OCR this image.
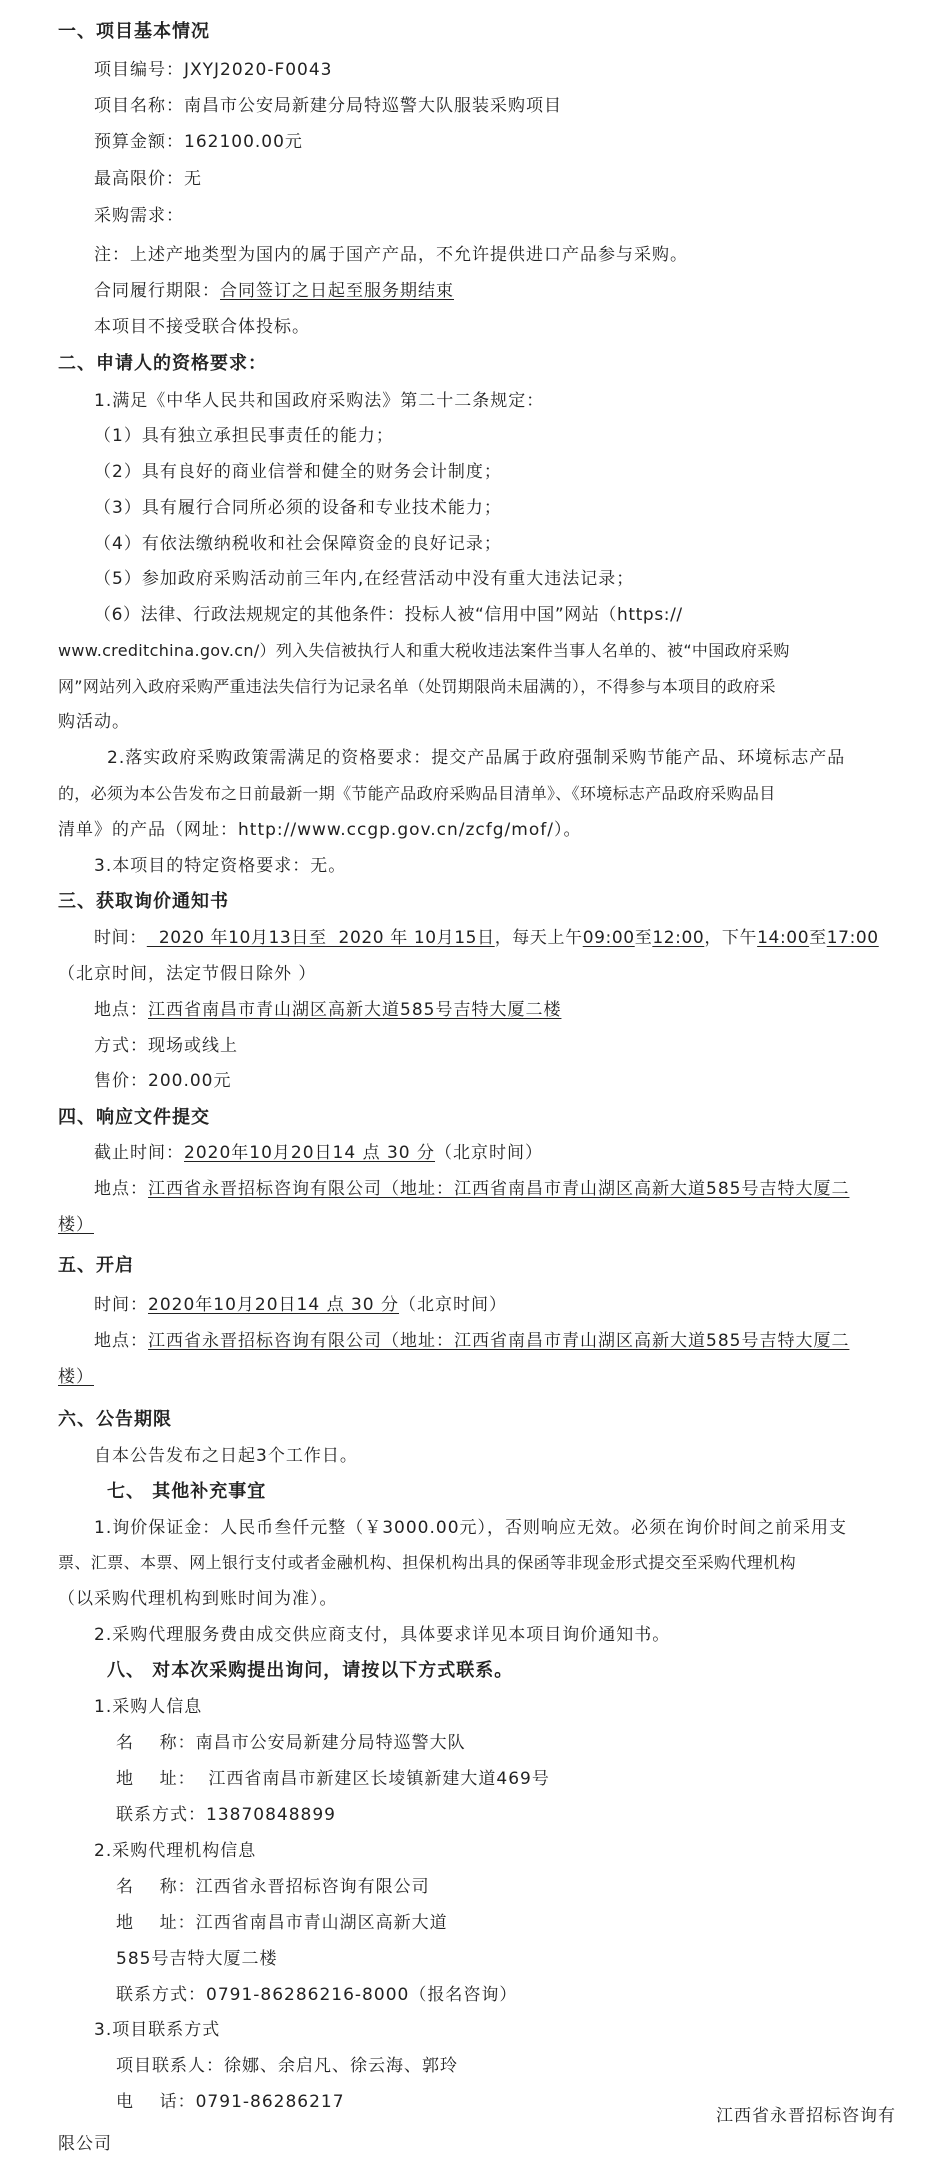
一、项目基本情况
项目编号：JXYJ2020-F0043
项目名称：南昌市公安局新建分局特巡警大队服装采购项目
预算金额：162100.00元
最高限价：无
采购需求：
注：上述产地类型为国内的属于国产产品，不允许提供进口产品参与采购。
合同履行期限：合同签订之日起至服务期结束
本项目不接受联合体投标。
二、申请人的资格要求：
1.满足《中华人民共和国政府采购法》第二十二条规定：
（1）具有独立承担民事责任的能力；
（2）具有良好的商业信誉和健全的财务会计制度；
（3）具有履行合同所必须的设备和专业技术能力；
（4）有依法缴纳税收和社会保障资金的良好记录；
（5）参加政府采购活动前三年内,在经营活动中没有重大违法记录；
（6）法律、行政法规规定的其他条件：投标人被“信用中国”网站（https://
www.creditchina.gov.cn/）列入失信被执行人和重大税收违法案件当事人名单的、被“中国政府采购
网”网站列入政府采购严重违法失信行为记录名单（处罚期限尚未届满的），不得参与本项目的政府采
购活动。
2.落实政府采购政策需满足的资格要求：提交产品属于政府强制采购节能产品、环境标志产品
的，必须为本公告发布之日前最新一期《节能产品政府采购品目清单》、《环境标志产品政府采购品目
清单》的产品（网址：http://www.ccgp.gov.cn/zcfg/mof/）。
3.本项目的特定资格要求：无。
三、获取询价通知书
时间：  2020 年10月13日至  2020 年 10月15日，每天上午09:00至12:00，下午14:00至17:00
（北京时间，法定节假日除外 ）
地点：江西省南昌市青山湖区高新大道585号吉特大厦二楼
方式：现场或线上
售价：200.00元
四、响应文件提交
截止时间：2020年10月20日14 点 30 分（北京时间）
地点：江西省永晋招标咨询有限公司（地址：江西省南昌市青山湖区高新大道585号吉特大厦二
楼）
五、开启
时间：2020年10月20日14 点 30 分（北京时间）
地点：江西省永晋招标咨询有限公司（地址：江西省南昌市青山湖区高新大道585号吉特大厦二
楼）
六、公告期限
自本公告发布之日起3个工作日。
七、 其他补充事宜
1.询价保证金：人民币叁仟元整（￥3000.00元），否则响应无效。必须在询价时间之前采用支
票、汇票、本票、网上银行支付或者金融机构、担保机构出具的保函等非现金形式提交至采购代理机构
（以采购代理机构到账时间为准）。
2.采购代理服务费由成交供应商支付，具体要求详见本项目询价通知书。
八、 对本次采购提出询问，请按以下方式联系。
1.采购人信息
名    称：南昌市公安局新建分局特巡警大队
地    址：  江西省南昌市新建区长堎镇新建大道469号
联系方式：13870848899
2.采购代理机构信息
名    称：江西省永晋招标咨询有限公司
地    址：江西省南昌市青山湖区高新大道
585号吉特大厦二楼
联系方式：0791-86286216-8000（报名咨询）
3.项目联系方式
项目联系人：徐娜、余启凡、徐云海、郭玲
电    话：0791-86286217
江西省永晋招标咨询有
限公司
